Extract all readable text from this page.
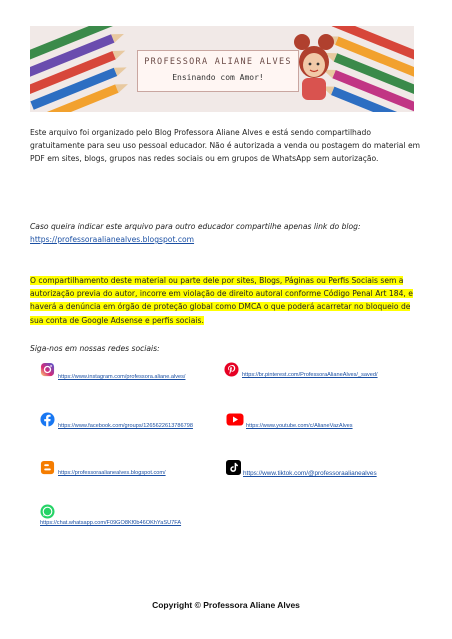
PROFESSORA ALIANE ALVES
Ensinando com Amor!
Este arquivo foi organizado pelo Blog Professora Aliane Alves e está sendo compartilhado gratuitamente para seu uso pessoal educador. Não é autorizada a venda ou postagem do material em PDF em sites, blogs, grupos nas redes sociais ou em grupos de WhatsApp sem autorização.
Caso queira indicar este arquivo para outro educador compartilhe apenas link do blog:
https://professoraalianealves.blogspot.com
O compartilhamento deste material ou parte dele por sites, Blogs, Páginas ou Perfis Sociais sem a autorização previa do autor, incorre em violação de direito autoral conforme Código Penal Art 184, e haverá a denúncia em órgão de proteção global como DMCA o que poderá acarretar no bloqueio de sua conta de Google Adsense e perfis sociais.
Siga-nos em nossas redes sociais:
https://www.instagram.com/professora.aliane.alves/	https://br.pinterest.com/ProfessoraAlianeAlves/_saved/
https://www.facebook.com/groups/1265622613786798	https://www.youtube.com/c/AlianeVazAlves
https://professoraalianealves.blogspot.com/	https://www.tiktok.com/@professoraalianealves
https://chat.whatsapp.com/F09GO8Kf0b46OKhYaSU7FA
Copyright © Professora Aliane Alves
